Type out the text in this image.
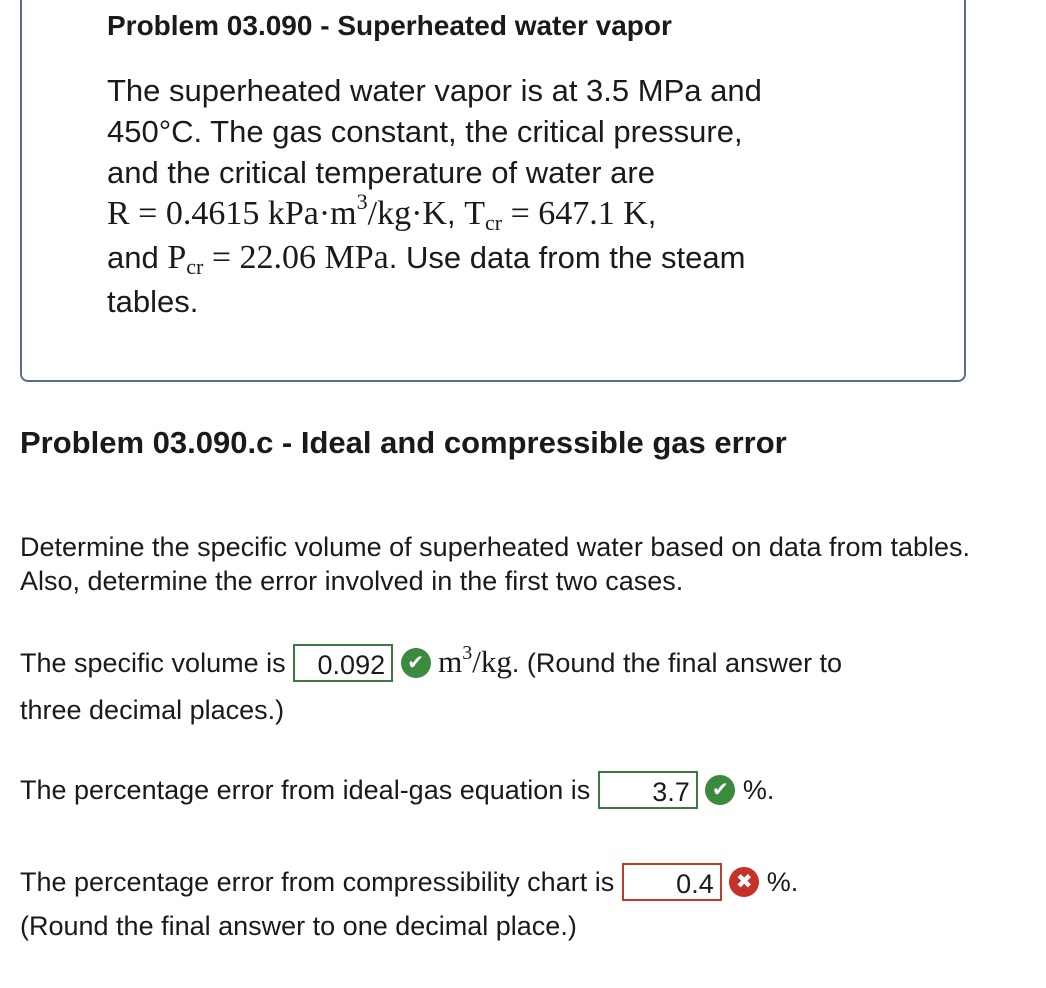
Problem 03.090 - Superheated water vapor
The superheated water vapor is at 3.5 MPa and
450°C. The gas constant, the critical pressure,
and the critical temperature of water are
R = 0.4615 $kPa\cdot m^3/kg\cdot K$, Tcr = 647.1 K,
and Pcr = 22.06 MPa. Use data from the steam
tables.
Problem 03.090.c - Ideal and compressible gas error
Determine the specific volume of superheated water based on data from tables. Also, determine the error involved in the first two cases.
The specific volume is 0.092 ✔ $m^3/kg$. (Round the final answer to
three decimal places.)
The percentage error from ideal-gas equation is 3.7 ✔ %.
The percentage error from compressibility chart is 0.4 ✖ %.
(Round the final answer to one decimal place.)
